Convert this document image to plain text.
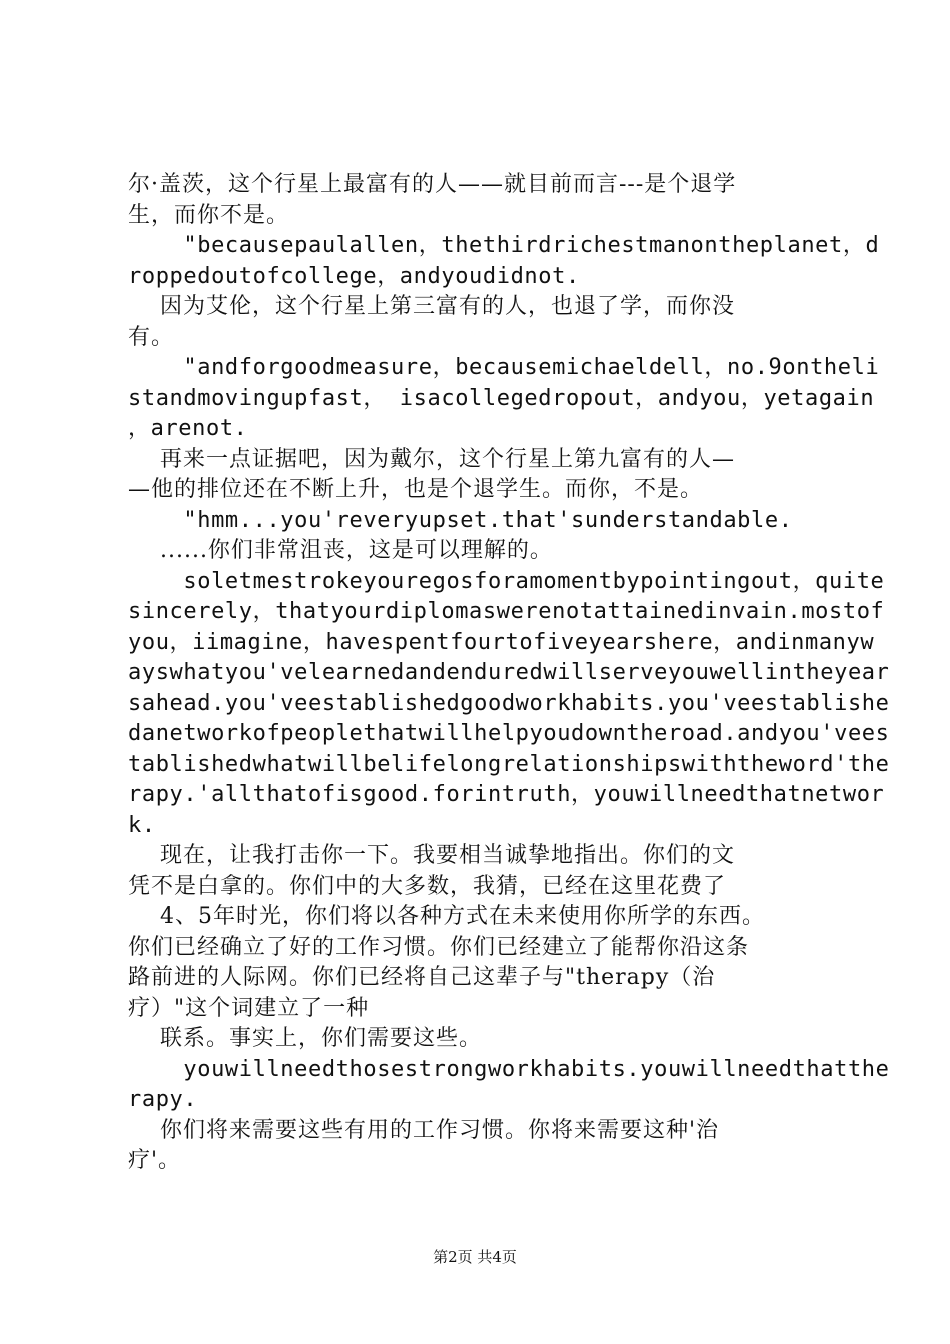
尔·盖茨，这个行星上最富有的人——就目前而言---是个退学
生，而你不是。
"becausepaulallen，thethirdrichestmanontheplanet，d
roppedoutofcollege，andyoudidnot.
因为艾伦，这个行星上第三富有的人，也退了学，而你没
有。
"andforgoodmeasure，becausemichaeldell，no.9ontheli
standmovingupfast， isacollegedropout，andyou，yetagain
，arenot.
再来一点证据吧，因为戴尔，这个行星上第九富有的人—
—他的排位还在不断上升，也是个退学生。而你，不是。
"hmm...you'reveryupset.that'sunderstandable.
......你们非常沮丧，这是可以理解的。
soletmestrokeyouregosforamomentbypointingout，quite
sincerely，thatyourdiplomaswerenotattainedinvain.mostof
you，iimagine，havespentfourtofiveyearshere，andinmanyw
ayswhatyou'velearnedandenduredwillserveyouwellintheyear
sahead.you'veestablishedgoodworkhabits.you'veestablishe
danetworkofpeoplethatwillhelpyoudowntheroad.andyou'vees
tablishedwhatwillbelifelongrelationshipswiththeword'the
rapy.'allthatofisgood.forintruth，youwillneedthatnetwor
k.
现在，让我打击你一下。我要相当诚挚地指出。你们的文
凭不是白拿的。你们中的大多数，我猜，已经在这里花费了
4、5年时光，你们将以各种方式在未来使用你所学的东西。
你们已经确立了好的工作习惯。你们已经建立了能帮你沿这条
路前进的人际网。你们已经将自己这辈子与"therapy（治
疗）"这个词建立了一种
联系。事实上，你们需要这些。
youwillneedthosestrongworkhabits.youwillneedthatthe
rapy.
你们将来需要这些有用的工作习惯。你将来需要这种'治
疗'。
第2页 共4页
